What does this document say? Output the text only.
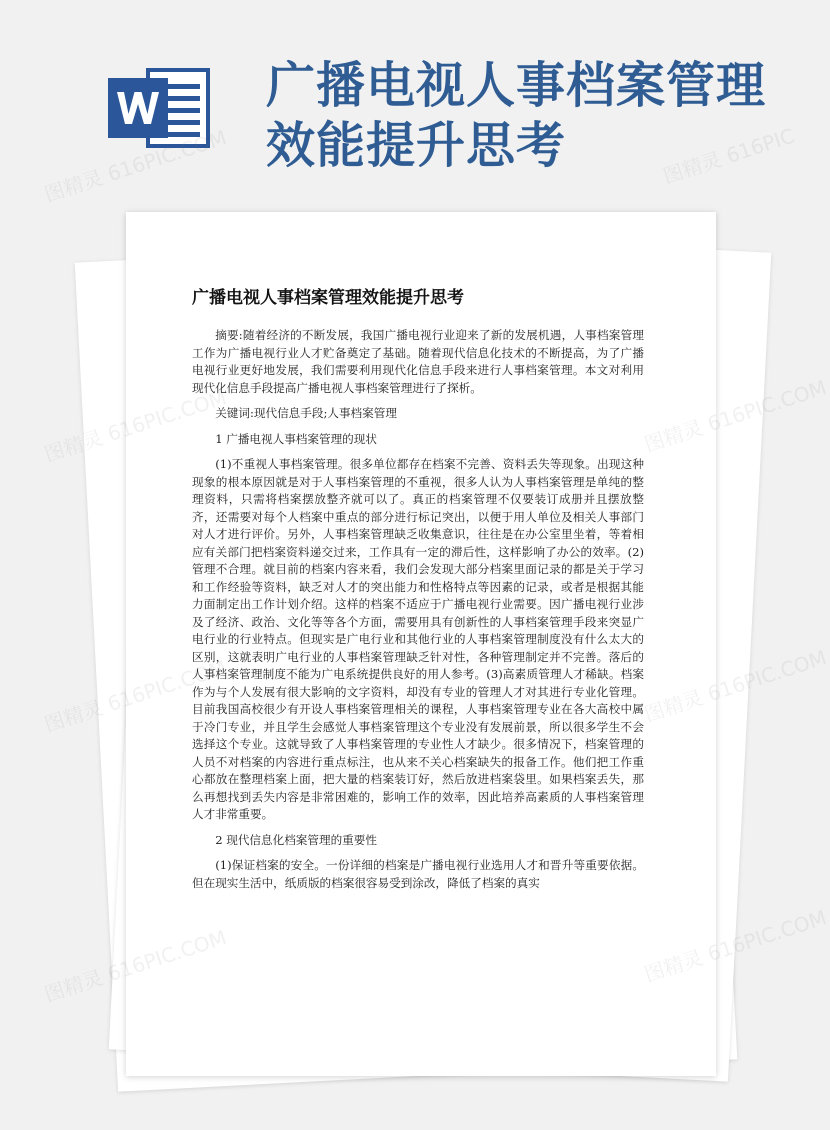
广播电视人事档案管理
效能提升思考
图精灵 616PIC.COM	图精灵 616PIC
图精灵
616PIC.COM
图精灵
616PIC.COM
图精灵	图精灵 616PIC.COM
广播电视人事档案管理效能提升思考

摘要:随着经济的不断发展，我国广播电视行业迎来了新的发展机遇，人事档案管理工作为广播电视行业人才贮备奠定了基础。随着现代信息化技术的不断提高，为了广播电视行业更好地发展，我们需要利用现代化信息手段来进行人事档案管理。本文对利用现代化信息手段提高广播电视人事档案管理进行了探析。

关键词:现代信息手段;人事档案管理

1 广播电视人事档案管理的现状

(1)不重视人事档案管理。很多单位都存在档案不完善、资料丢失等现象。出现这种现象的根本原因就是对于人事档案管理的不重视，很多人认为人事档案管理是单纯的整理资料，只需将档案摆放整齐就可以了。真正的档案管理不仅要装订成册并且摆放整齐，还需要对每个人档案中重点的部分进行标记突出，以便于用人单位及相关人事部门对人才进行评价。另外，人事档案管理缺乏收集意识，往往是在办公室里坐着，等着相应有关部门把档案资料递交过来，工作具有一定的滞后性，这样影响了办公的效率。(2)管理不合理。就目前的档案内容来看，我们会发现大部分档案里面记录的都是关于学习和工作经验等资料，缺乏对人才的突出能力和性格特点等因素的记录，或者是根据其能力面制定出工作计划介绍。这样的档案不适应于广播电视行业需要。因广播电视行业涉及了经济、政治、文化等等各个方面，需要用具有创新性的人事档案管理手段来突显广电行业的行业特点。但现实是广电行业和其他行业的人事档案管理制度没有什么太大的区别，这就表明广电行业的人事档案管理缺乏针对性，各种管理制定并不完善。落后的人事档案管理制度不能为广电系统提供良好的用人参考。(3)高素质管理人才稀缺。档案作为与个人发展有很大影响的文字资料，却没有专业的管理人才对其进行专业化管理。目前我国高校很少有开设人事档案管理相关的课程，人事档案管理专业在各大高校中属于冷门专业，并且学生会感觉人事档案管理这个专业没有发展前景，所以很多学生不会选择这个专业。这就导致了人事档案管理的专业性人才缺少。很多情况下，档案管理的人员不对档案的内容进行重点标注，也从来不关心档案缺失的报备工作。他们把工作重心都放在整理档案上面，把大量的档案装订好，然后放进档案袋里。如果档案丢失，那么再想找到丢失内容是非常困难的，影响工作的效率，因此培养高素质的人事档案管理人才非常重要。

2 现代信息化档案管理的重要性

(1)保证档案的安全。一份详细的档案是广播电视行业选用人才和晋升等重要依据。但在现实生活中，纸质版的档案很容易受到涂改，降低了档案的真实
